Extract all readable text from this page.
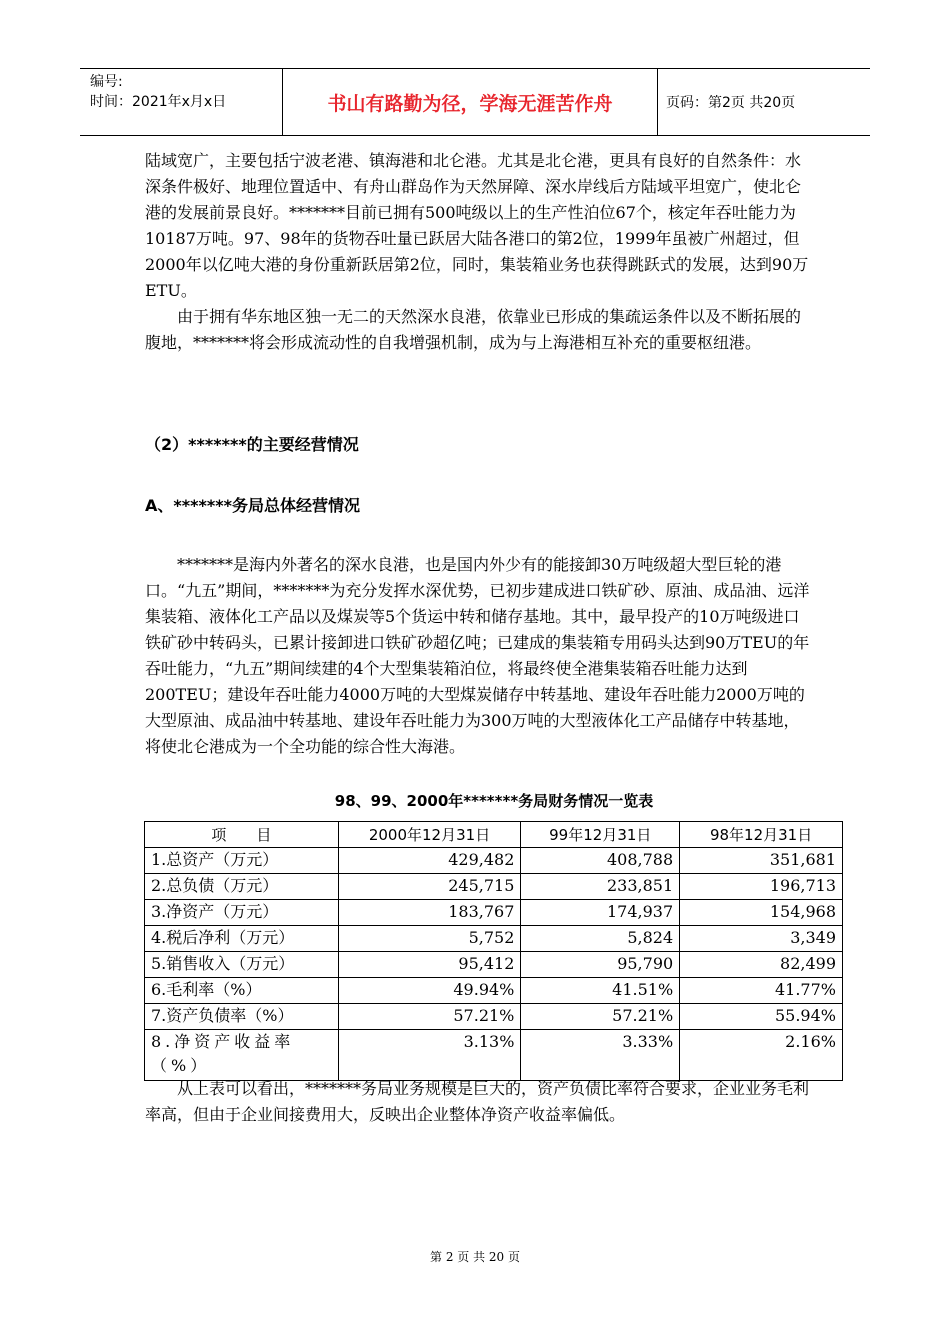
编号:
时间：2021年x月x日	书山有路勤为径，学海无涯苦作舟	页码：第2页 共20页

陆域宽广，主要包括宁波老港、镇海港和北仑港。尤其是北仑港，更具有良好的自然条件：水深条件极好、地理位置适中、有舟山群岛作为天然屏障、深水岸线后方陆域平坦宽广，使北仑港的发展前景良好。*******目前已拥有500吨级以上的生产性泊位67个，核定年吞吐能力为10187万吨。97、98年的货物吞吐量已跃居大陆各港口的第2位，1999年虽被广州超过，但2000年以亿吨大港的身份重新跃居第2位，同时，集装箱业务也获得跳跃式的发展，达到90万ETU。

由于拥有华东地区独一无二的天然深水良港，依靠业已形成的集疏运条件以及不断拓展的腹地，*******将会形成流动性的自我增强机制，成为与上海港相互补充的重要枢纽港。

（2）*******的主要经营情况
A、*******务局总体经营情况

*******是海内外著名的深水良港，也是国内外少有的能接卸30万吨级超大型巨轮的港口。“九五”期间，*******为充分发挥水深优势，已初步建成进口铁矿砂、原油、成品油、远洋集装箱、液体化工产品以及煤炭等5个货运中转和储存基地。其中，最早投产的10万吨级进口铁矿砂中转码头，已累计接卸进口铁矿砂超亿吨；已建成的集装箱专用码头达到90万TEU的年吞吐能力，“九五”期间续建的4个大型集装箱泊位，将最终使全港集装箱吞吐能力达到200TEU；建设年吞吐能力4000万吨的大型煤炭储存中转基地、建设年吞吐能力2000万吨的大型原油、成品油中转基地、建设年吞吐能力为300万吨的大型液体化工产品储存中转基地，将使北仑港成为一个全功能的综合性大海港。

98、99、2000年*******务局财务情况一览表
项　　目	2000年12月31日	99年12月31日	98年12月31日
1.总资产（万元）	429,482	408,788	351,681
2.总负债（万元）	245,715	233,851	196,713
3.净资产（万元）	183,767	174,937	154,968
4.税后净利（万元）	5,752	5,824	3,349
5.销售收入（万元）	95,412	95,790	82,499
6.毛利率（%）	49.94%	41.51%	41.77%
7.资产负债率（%）	57.21%	57.21%	55.94%
8.净资产收益率（%）	3.13%	3.33%	2.16%

从上表可以看出，*******务局业务规模是巨大的，资产负债比率符合要求，企业业务毛利率高，但由于企业间接费用大，反映出企业整体净资产收益率偏低。

第 2 页 共 20 页
